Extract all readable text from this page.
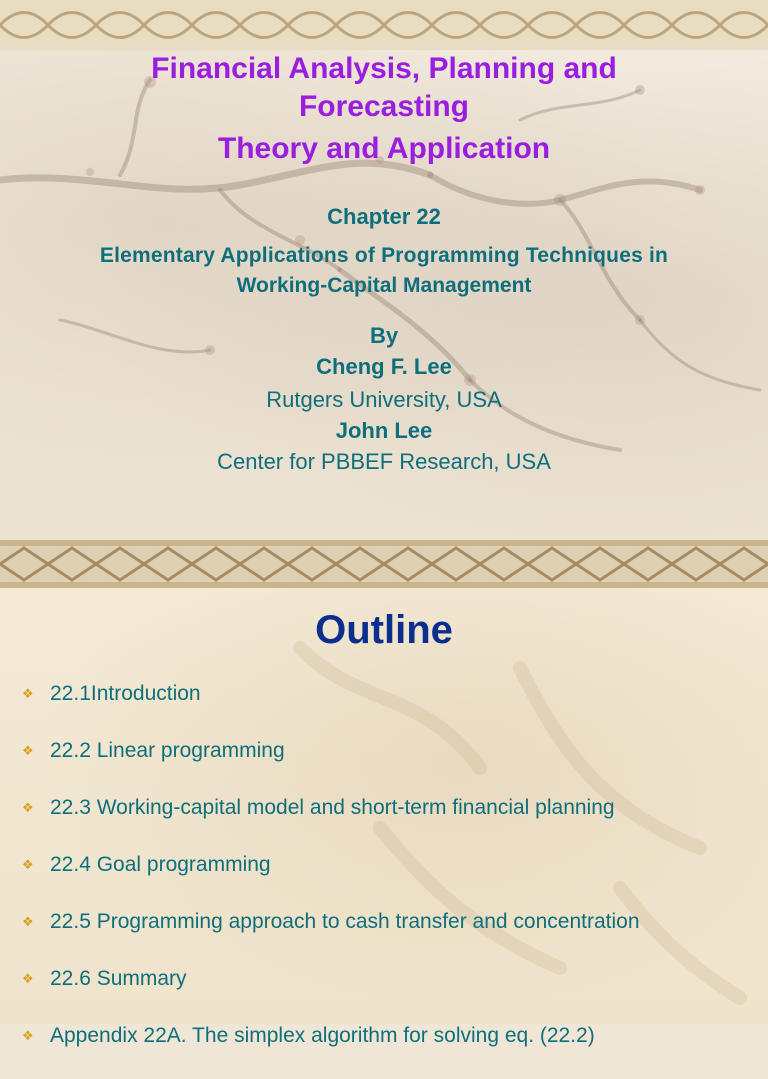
Financial Analysis, Planning and
Forecasting
Theory and Application
Chapter 22
Elementary Applications of Programming Techniques in
Working-Capital Management
By
Cheng F. Lee
Rutgers University, USA
John Lee
Center for PBBEF Research, USA
Outline
❖ 22.1Introduction
❖ 22.2 Linear programming
❖ 22.3 Working-capital model and short-term financial planning
❖ 22.4 Goal programming
❖ 22.5 Programming approach to cash transfer and concentration
❖ 22.6 Summary
❖ Appendix 22A. The simplex algorithm for solving eq. (22.2)
